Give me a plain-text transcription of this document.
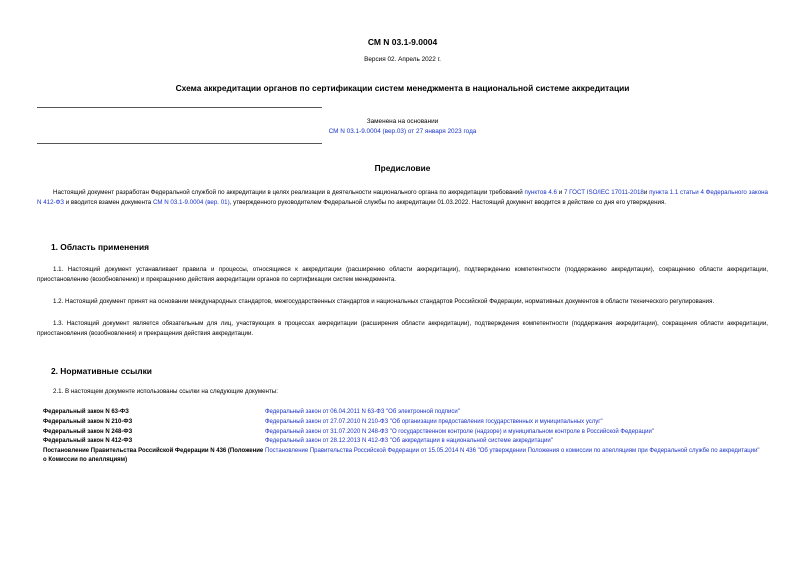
СМ N 03.1-9.0004
Версия 02. Апрель 2022 г.
Схема аккредитации органов по сертификации систем менеджмента в национальной системе аккредитации
Заменена на основании
СМ N 03.1-9.0004 (вер.03) от 27 января 2023 года
Предисловие

Настоящий документ разработан Федеральной службой по аккредитации в целях реализации в деятельности национального органа по аккредитации требований пунктов 4.6 и 7 ГОСТ ISO/IEC 17011-2018и пункта 1.1 статьи 4 Федерального закона N 412-ФЗ и вводится взамен документа СМ N 03.1-9.0004 (вер. 01), утвержденного руководителем Федеральной службы по аккредитации 01.03.2022. Настоящий документ вводится в действие со дня его утверждения.

1. Область применения

1.1. Настоящий документ устанавливает правила и процессы, относящиеся к аккредитации (расширению области аккредитации), подтверждению компетентности (поддержанию аккредитации), сокращению области аккредитации, приостановлению (возобновлению) и прекращению действия аккредитации органов по сертификации систем менеджмента.

1.2. Настоящий документ принят на основании международных стандартов, межгосударственных стандартов и национальных стандартов Российской Федерации, нормативных документов в области технического регулирования.

1.3. Настоящий документ является обязательным для лиц, участвующих в процессах аккредитации (расширения области аккредитации), подтверждения компетентности (поддержания аккредитации), сокращения области аккредитации, приостановления (возобновления) и прекращения действия аккредитации.

2. Нормативные ссылки

2.1. В настоящем документе использованы ссылки на следующие документы:

Федеральный закон N 63-ФЗ	Федеральный закон от 06.04.2011 N 63-ФЗ "Об электронной подписи"
Федеральный закон N 210-ФЗ	Федеральный закон от 27.07.2010 N 210-ФЗ "Об организации предоставления государственных и муниципальных услуг"
Федеральный закон N 248-ФЗ	Федеральный закон от 31.07.2020 N 248-ФЗ "О государственном контроле (надзоре) и муниципальном контроле в Российской Федерации"
Федеральный закон N 412-ФЗ	Федеральный закон от 28.12.2013 N 412-ФЗ "Об аккредитации в национальной системе аккредитации"
Постановление Правительства Российской Федерации N 436 (Положение о Комиссии по апелляциям)	Постановление Правительства Российской Федерации от 15.05.2014 N 436 "Об утверждении Положения о комиссии по апелляциям при Федеральной службе по аккредитации"
